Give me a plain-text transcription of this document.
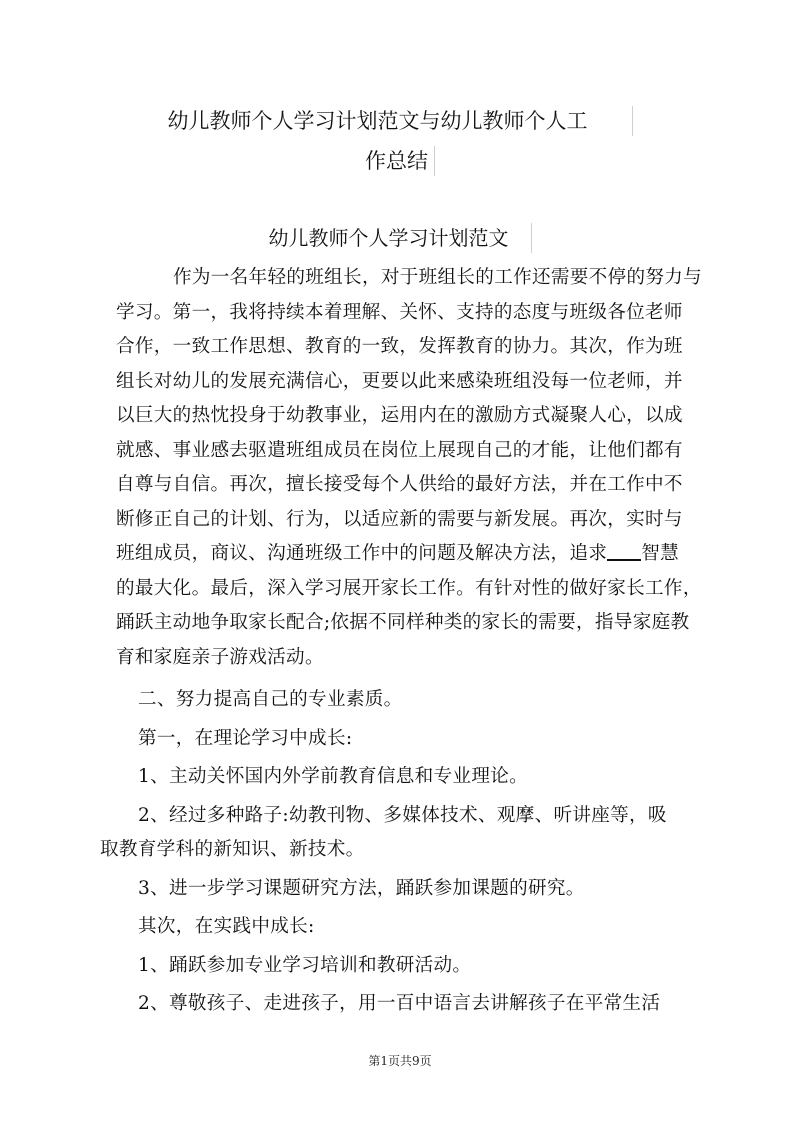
幼儿教师个人学习计划范文与幼儿教师个人工
作总结
幼儿教师个人学习计划范文
作为一名年轻的班组长，对于班组长的工作还需要不停的努力与
学习。第一，我将持续本着理解、关怀、支持的态度与班级各位老师
合作，一致工作思想、教育的一致，发挥教育的协力。其次，作为班
组长对幼儿的发展充满信心，更要以此来感染班组没每一位老师，并
以巨大的热忱投身于幼教事业，运用内在的激励方式凝聚人心，以成
就感、事业感去驱遣班组成员在岗位上展现自己的才能，让他们都有
自尊与自信。再次，擅长接受每个人供给的最好方法，并在工作中不
断修正自己的计划、行为，以适应新的需要与新发展。再次，实时与
班组成员，商议、沟通班级工作中的问题及解决方法，追求 智慧
的最大化。最后，深入学习展开家长工作。有针对性的做好家长工作，
踊跃主动地争取家长配合;依据不同样种类的家长的需要，指导家庭教
育和家庭亲子游戏活动。
二、努力提高自己的专业素质。
第一，在理论学习中成长:
1、主动关怀国内外学前教育信息和专业理论。
2、经过多种路子:幼教刊物、多媒体技术、观摩、听讲座等，吸
取教育学科的新知识、新技术。
3、进一步学习课题研究方法，踊跃参加课题的研究。
其次，在实践中成长:
1、踊跃参加专业学习培训和教研活动。
2、尊敬孩子、走进孩子，用一百中语言去讲解孩子在平常生活
第1页共9页
